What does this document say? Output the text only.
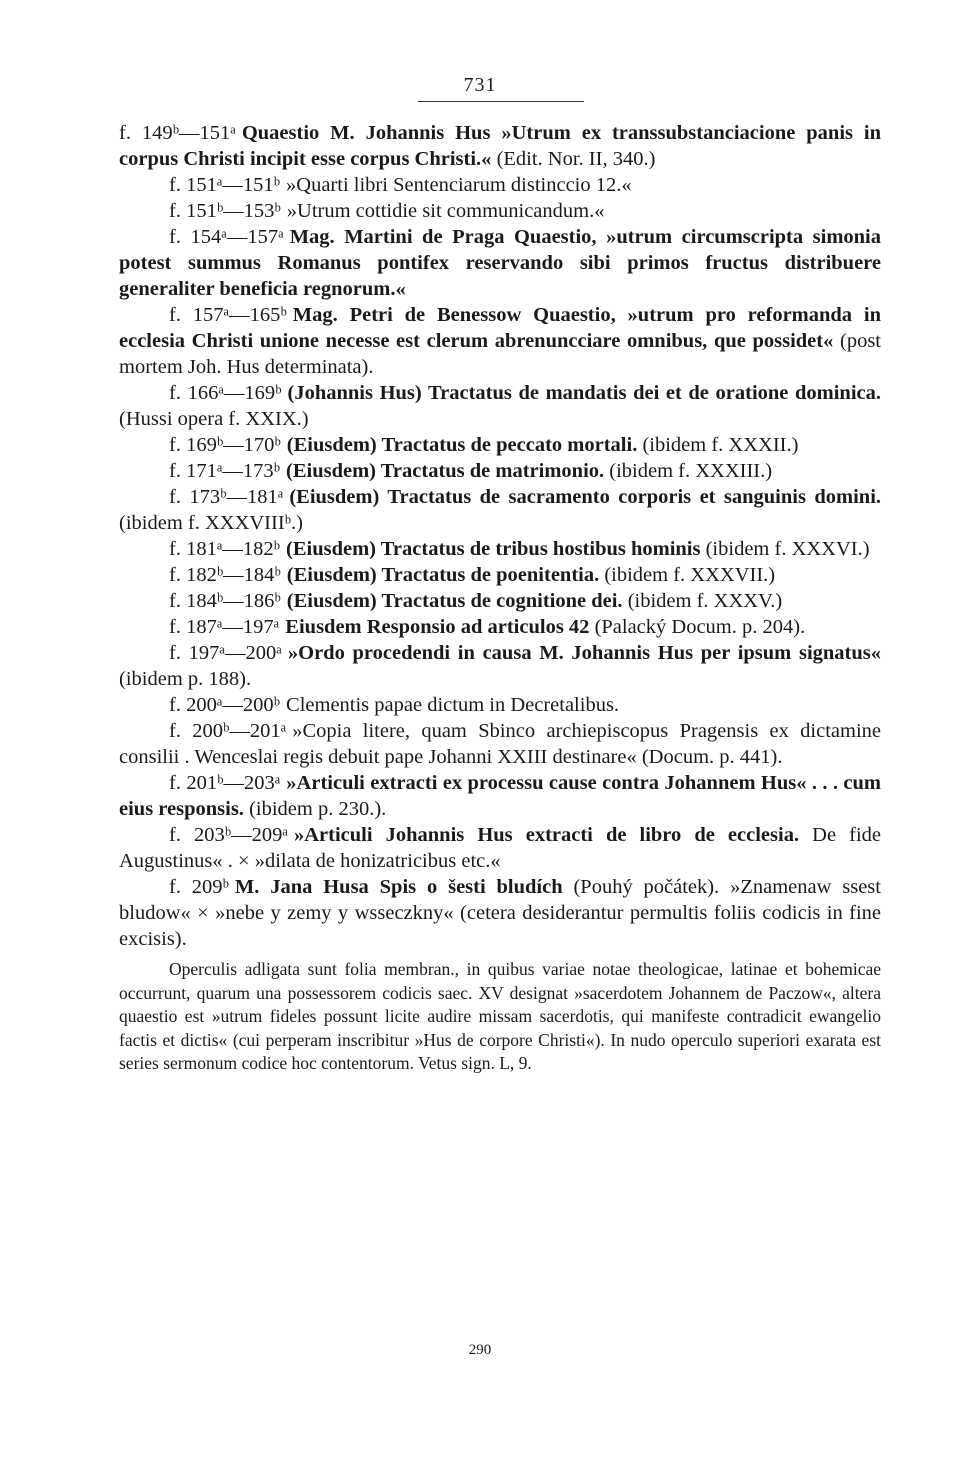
731

f. 149ᵇ—151ᵃ Quaestio M. Johannis Hus »Utrum ex transsubstanciacione panis in corpus Christi incipit esse corpus Christi.« (Edit. Nor. II, 340.)

f. 151ᵃ—151ᵇ »Quarti libri Sentenciarum distinccio 12.«

f. 151ᵇ—153ᵇ »Utrum cottidie sit communicandum.«

f. 154ᵃ—157ᵃ Mag. Martini de Praga Quaestio, »utrum circumscripta simonia potest summus Romanus pontifex reservando sibi primos fructus distribuere generaliter beneficia regnorum.«

f. 157ᵃ—165ᵇ Mag. Petri de Benessow Quaestio, »utrum pro reformanda in ecclesia Christi unione necesse est clerum abrenuncciare omnibus, que possidet« (post mortem Joh. Hus determinata).

f. 166ᵃ—169ᵇ (Johannis Hus) Tractatus de mandatis dei et de oratione dominica. (Hussi opera f. XXIX.)

f. 169ᵇ—170ᵇ (Eiusdem) Tractatus de peccato mortali. (ibidem f. XXXII.)

f. 171ᵃ—173ᵇ (Eiusdem) Tractatus de matrimonio. (ibidem f. XXXIII.)

f. 173ᵇ—181ᵃ (Eiusdem) Tractatus de sacramento corporis et sanguinis domini. (ibidem f. XXXVIIIᵇ.)

f. 181ᵃ—182ᵇ (Eiusdem) Tractatus de tribus hostibus hominis (ibidem f. XXXVI.)

f. 182ᵇ—184ᵇ (Eiusdem) Tractatus de poenitentia. (ibidem f. XXXVII.)

f. 184ᵇ—186ᵇ (Eiusdem) Tractatus de cognitione dei. (ibidem f. XXXV.)

f. 187ᵃ—197ᵃ Eiusdem Responsio ad articulos 42 (Palacký Docum. p. 204).

f. 197ᵃ—200ᵃ »Ordo procedendi in causa M. Johannis Hus per ipsum signatus« (ibidem p. 188).

f. 200ᵃ—200ᵇ Clementis papae dictum in Decretalibus.

f. 200ᵇ—201ᵃ »Copia litere, quam Sbinco archiepiscopus Pragensis ex dictamine consilii . Wenceslai regis debuit pape Johanni XXIII destinare« (Docum. p. 441).

f. 201ᵇ—203ᵃ »Articuli extracti ex processu cause contra Johannem Hus« . . . cum eius responsis. (ibidem p. 230.).

f. 203ᵇ—209ᵃ »Articuli Johannis Hus extracti de libro de ecclesia. De fide Augustinus« . × »dilata de honizatricibus etc.«

f. 209ᵇ M. Jana Husa Spis o šesti bludích (Pouhý počátek). »Znamenaw ssest bludow« × »nebe y zemy y wsseczkny« (cetera desiderantur permultis foliis codicis in fine excisis).

Operculis adligata sunt folia membran., in quibus variae notae theologicae, latinae et bohemicae occurrunt, quarum una possessorem codicis saec. XV designat »sacerdotem Johannem de Paczow«, altera quaestio est »utrum fideles possunt licite audire missam sacerdotis, qui manifeste contradicit ewangelio factis et dictis« (cui perperam inscribitur »Hus de corpore Christi«). In nudo operculo superiori exarata est series sermonum codice hoc contentorum. Vetus sign. L, 9.

290
